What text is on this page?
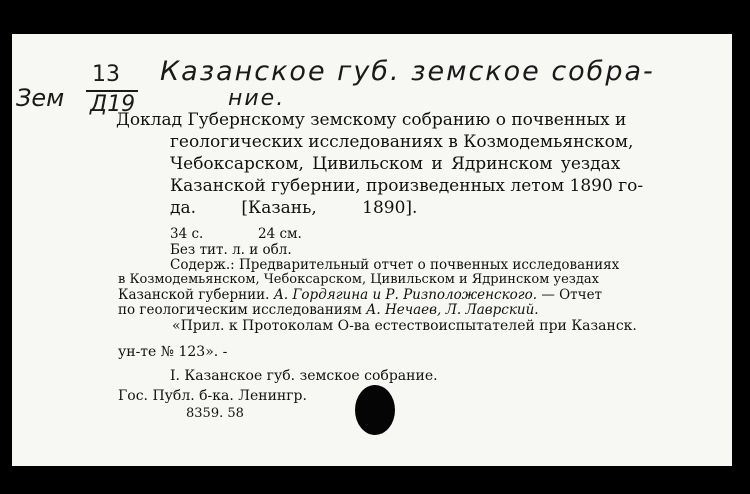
Зем
13
Д19
Казанское губ. земское собра-
ние.
Доклад Губернскому земскому собранию о почвенных и
геологических исследованиях в Козмодемьянском,
Чебоксарском, Цивильском и Ядринском уездах
Казанской губернии, произведенных летом 1890 го-
да. [Казань, 1890].
34 с.	24 см.
Без тит. л. и обл.
Содерж.: Предварительный отчет о почвенных исследованиях
в Козмодемьянском, Чебоксарском, Цивильском и Ядринском уездах
Казанской губернии. А. Гордягина и Р. Ризположенского. — Отчет
по геологическим исследованиям А. Нечаев, Л. Лаврский.
«Прил. к Протоколам О-ва естествоиспытателей при Казанск.
ун-те № 123». -
I. Казанское губ. земское собрание.
Гос. Публ. б-ка. Ленингр.
8359. 58
